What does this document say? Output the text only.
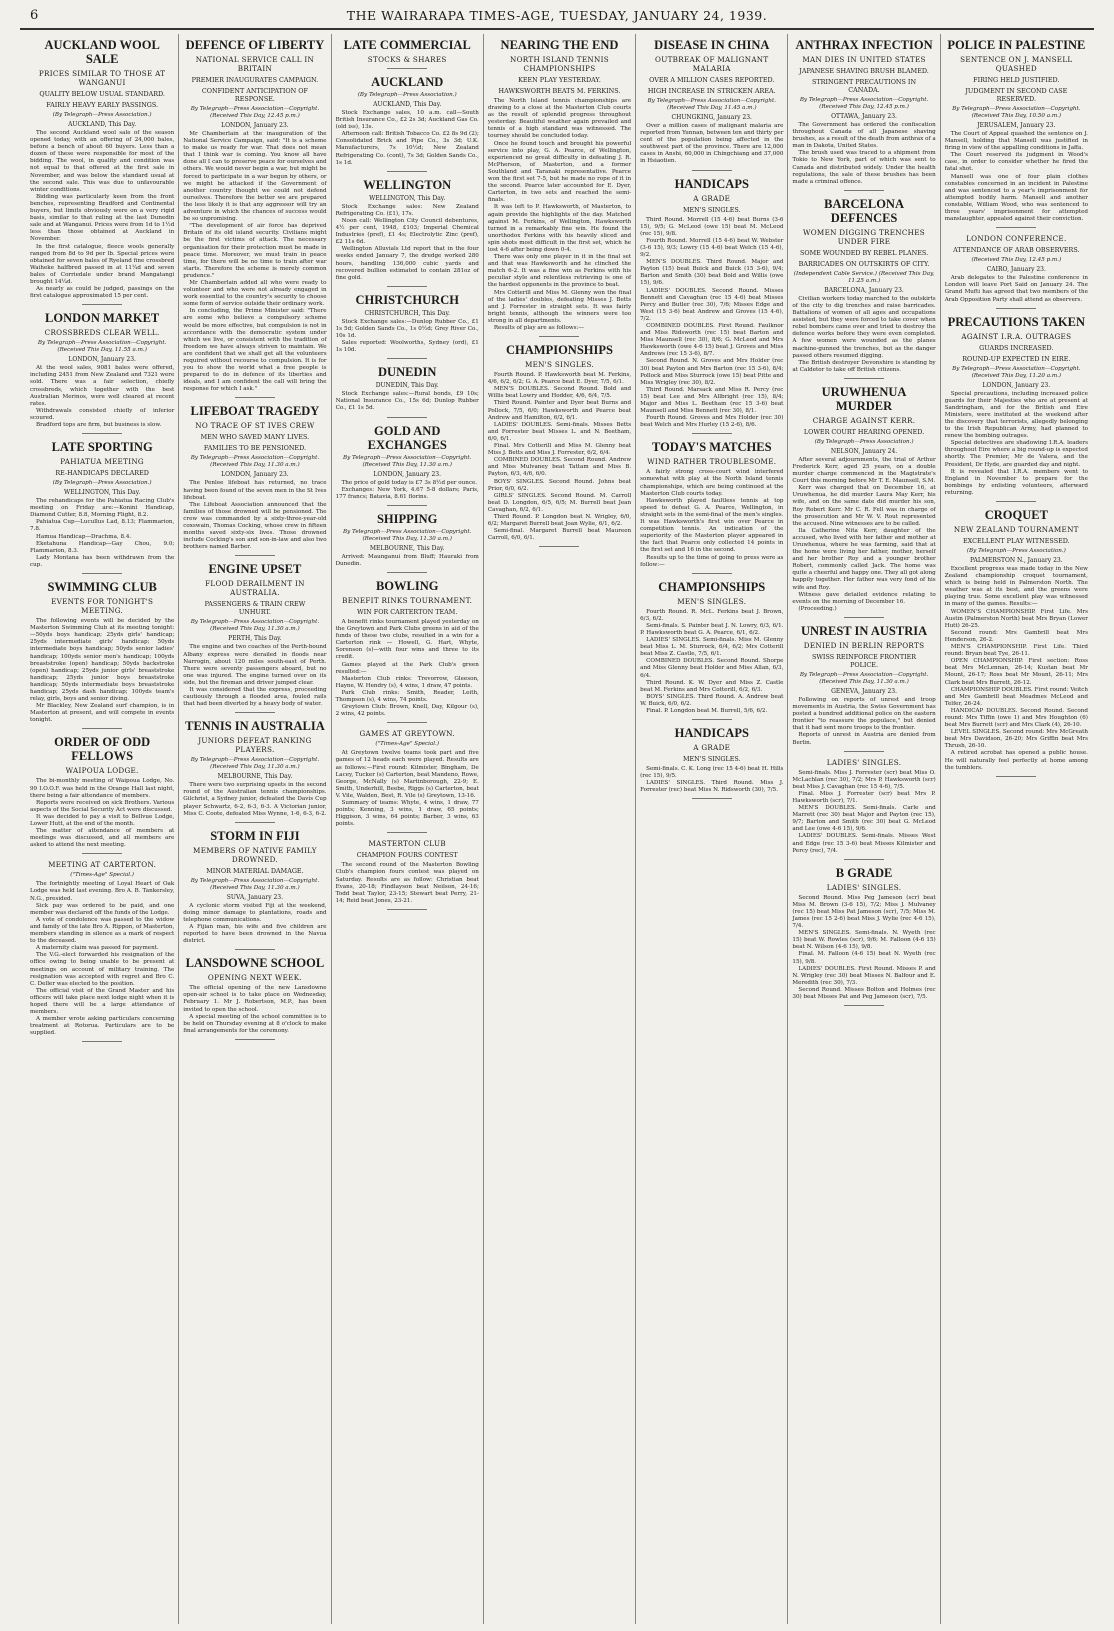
6	THE WAIRARAPA TIMES-AGE, TUESDAY, JANUARY 24, 1939.
AUCKLAND WOOL SALE
PRICES SIMILAR TO THOSE AT WANGANUI
QUALITY BELOW USUAL STANDARD.
FAIRLY HEAVY EARLY PASSINGS.
(By Telegraph—Press Association.)
AUCKLAND, This Day.

The second Auckland wool sale of the season opened today, with an offering of 24,000 bales, before a bench of about 60 buyers. Less than a dozen of these were responsible for most of the bidding. The wool, in quality and condition was not equal to that offered at the first sale in November, and was below the standard usual at the second sale. This was due to unfavourable winter conditions.

Bidding was particularly keen from the front benches, representing Bradford and Continental buyers, but limits obviously were on a very rigid basis, similar to that ruling at the last Dunedin sale and at Wanganui. Prices were from 1d to 1½d less than those obtained at Auckland in November.

In the first catalogue, fleece wools generally ranged from 8d to 9d per lb. Special prices were obtained for seven bales of Ryeland fine crossbred Waiheke halfbred passed in at 11¼d and seven bales of Corriedale under brand Mangatangi brought 14¼d.

As nearly as could be judged, passings on the first catalogue approximated 15 per cent.

LONDON MARKET
CROSSBREDS CLEAR WELL.
By Telegraph—Press Association—Copyright. (Received This Day, 11.55 a.m.)
LONDON, January 23.

At the wool sales, 9081 bales were offered, including 2451 from New Zealand and 7321 were sold. There was a fair selection, chiefly crossbreds, which together with the best Australian Merinos, were well cleared at recent rates.

Withdrawals consisted chiefly of inferior scoured.

Bradford tops are firm, but business is slow.

LATE SPORTING
PAHIATUA MEETING
RE-HANDICAPS DECLARED
(By Telegraph—Press Association.)
WELLINGTON, This Day.

The rehandicaps for the Pahiatua Racing Club's meeting on Friday are:—Konini Handicap, Diamond Cutter, 8.8, Morning Flight, 8.2.

Pahiatua Cup—Lucullus Lad, 8.13; Flammarion, 7.8.

Hamua Handicap—Drachma, 8.4.

Eketahuna Handicap—Gay Chou, 9.0; Flammarion, 8.3.

Lady Montana has been withdrawn from the cup.

SWIMMING CLUB
EVENTS FOR TONIGHT'S MEETING.

The following events will be decided by the Masterton Swimming Club at its meeting tonight:—50yds boys handicap; 25yds girls' handicap; 25yds intermediate girls' handicap; 50yds intermediate boys handicap; 50yds senior ladies' handicap; 100yds senior men's handicap; 100yds breaststroke (open) handicap; 50yds backstroke (open) handicap; 25yds junior girls' breaststroke handicap; 25yds junior boys breaststroke handicap; 50yds intermediate boys breaststroke handicap; 25yds dash handicap; 100yds team's relay, girls, boys and senior diving.

Mr Blackley, New Zealand surf champion, is in Masterton at present, and will compete in events tonight.

ORDER OF ODD FELLOWS
WAIPOUA LODGE.

The bi-monthly meeting of Waipoua Lodge, No. 99 I.O.O.F. was held in the Orange Hall last night, there being a fair attendance of members.

Reports were received on sick Brothers. Various aspects of the Social Security Act were discussed.

It was decided to pay a visit to Bellvue Lodge, Lower Hutt, at the end of the month.

The matter of attendance of members at meetings was discussed, and all members are asked to attend the next meeting.

MEETING AT CARTERTON.
("Times-Age" Special.)

The fortnightly meeting of Loyal Heart of Oak Lodge was held last evening. Bro A. B. Tankersley, N.G., presided.

Sick pay was ordered to be paid, and one member was declared off the funds of the Lodge.

A vote of condolence was passed to the widow and family of the late Bro A. Rippon, of Masterton, members standing in silence as a mark of respect to the deceased.

A maternity claim was passed for payment.

The V.G.-elect forwarded his resignation of the office owing to being unable to be present at meetings on account of military training. The resignation was accepted with regret and Bro C. C. Deller was elected to the position.

The official visit of the Grand Master and his officers will take place next lodge night when it is hoped there will be a large attendance of members.

A member wrote asking particulars concerning treatment at Rotorua. Particulars are to be supplied.

DEFENCE OF LIBERTY
NATIONAL SERVICE CALL IN BRITAIN
PREMIER INAUGURATES CAMPAIGN.
CONFIDENT ANTICIPATION OF RESPONSE.
By Telegraph—Press Association—Copyright. (Received This Day, 12.45 p.m.)
LONDON, January 23.

Mr Chamberlain at the inauguration of the National Service Campaign, said: "It is a scheme to make us ready for war. That does not mean that I think war is coming. You know all have done all I can to preserve peace for ourselves and others. We would never begin a war, but might be forced to participate in a war begun by others, or we might be attacked if the Government of another country thought we could not defend ourselves. Therefore the better we are prepared the less likely it is that any aggressor will try an adventure in which the chances of success would be so unpromising.

"The development of air force has deprived Britain of its old island security. Civilians might be the first victims of attack. The necessary organisation for their protection must be made in peace time. Moreover, we must train in peace time, for there will be no time to train after war starts. Therefore the scheme is merely common prudence."

Mr Chamberlain added all who were ready to volunteer and who were not already engaged in work essential to the country's security to choose some form of service outside their ordinary work.

In concluding, the Prime Minister said: "There are some who believe a compulsory scheme would be more effective, but compulsion is not in accordance with the democratic system under which we live, or consistent with the tradition of freedom we have always striven to maintain. We are confident that we shall get all the volunteers required without recourse to compulsion. It is for you to show the world what a free people is prepared to do in defence of its liberties and ideals, and I am confident the call will bring the response for which I ask."

LIFEBOAT TRAGEDY
NO TRACE OF ST IVES CREW
MEN WHO SAVED MANY LIVES.
FAMILIES TO BE PENSIONED.
By Telegraph—Press Association—Copyright. (Received This Day, 11.30 a.m.)
LONDON, January 23.

The Penlee lifeboat has returned, no trace having been found of the seven men in the St Ives lifeboat.

The Lifeboat Association announced that the families of those drowned will be pensioned. The crew was commanded by a sixty-three-year-old coxswain, Thomas Cocking, whose crew in fifteen months saved sixty-six lives. Those drowned include Cocking's son and son-in-law and also two brothers named Barber.

ENGINE UPSET
FLOOD DERAILMENT IN AUSTRALIA.
PASSENGERS & TRAIN CREW UNHURT.
By Telegraph—Press Association—Copyright. (Received This Day, 11.30 a.m.)
PERTH, This Day.

The engine and two coaches of the Perth-bound Albany express were derailed in floods near Narrogin, about 120 miles south-east of Perth. There were seventy passengers aboard, but no one was injured. The engine turned over on its side, but the fireman and driver jumped clear.

It was considered that the express, proceeding cautiously through a flooded area, fouled rails that had been diverted by a heavy body of water.

TENNIS IN AUSTRALIA
JUNIORS DEFEAT RANKING PLAYERS.
By Telegraph—Press Association—Copyright. (Received This Day, 11.30 a.m.)
MELBOURNE, This Day.

There were two surprising upsets in the second round of the Australian tennis championships. Gilchrist, a Sydney junior, defeated the Davis Cup player Schwartz, 6-2, 6-3, 6-3. A Victorian junior, Miss C. Coote, defeated Miss Wynne, 1-6, 6-3, 6-2.

STORM IN FIJI
MEMBERS OF NATIVE FAMILY DROWNED.
MINOR MATERIAL DAMAGE.
By Telegraph—Press Association—Copyright. (Received This Day, 11.30 a.m.)
SUVA, January 23.

A cyclonic storm visited Fiji at the weekend, doing minor damage to plantations, roads and telephone communications.

A Fijian man, his wife and five children are reported to have been drowned in the Navua district.

LANSDOWNE SCHOOL
OPENING NEXT WEEK.

The official opening of the new Lansdowne open-air school is to take place on Wednesday, February 1. Mr J. Robertson, M.P., has been invited to open the school.

A special meeting of the school committee is to be held on Thursday evening at 8 o'clock to make final arrangements for the ceremony.

LATE COMMERCIAL
STOCKS & SHARES
AUCKLAND
(By Telegraph—Press Association.)
AUCKLAND, This Day.

Stock Exchange sales, 10 a.m. call—South British Insurance Co., £2 2s 3d; Auckland Gas Co. (old iss), 13s.

Afternoon call: British Tobacco Co. £2 8s 9d (2); Consolidated Brick and Pipe Co., 3s 3d; U.K. Manufacturers, 7s 10½d; New Zealand Refrigerating Co. (cont), 7s 3d; Golden Sands Co., 1s 1d.

WELLINGTON
WELLINGTON, This Day.

Stock Exchange sales: New Zealand Refrigerating Co. (£1), 17s.

Noon call: Wellington City Council debentures, 4½ per cent, 1948, £103; Imperial Chemical Industries (pref), £1 4s; Electrolytic Zinc (pref), £2 11s 6d.

Wellington Alluvials Ltd report that in the four weeks ended January 7, the dredge worked 280 hours, handling 136,000 cubic yards and recovered bullion estimated to contain 281oz of fine gold.

CHRISTCHURCH
CHRISTCHURCH, This Day.

Stock Exchange sales:—Dunlop Rubber Co., £1 1s 5d; Golden Sands Co., 1s 0½d; Grey River Co., 10s 1d.

Sales reported: Woolworths, Sydney (ord), £1 1s 10d.

DUNEDIN
DUNEDIN, This Day.

Stock Exchange sales:—Rural bonds, £9 10s; National Insurance Co., 15s 6d; Dunlop Rubber Co., £1 1s 5d.

GOLD AND EXCHANGES
By Telegraph—Press Association—Copyright. (Received This Day, 11.30 a.m.)
LONDON, January 23.

The price of gold today is £7 3s 8½d per ounce.

Exchanges: New York, 4.67 5-8 dollars; Paris, 177 francs; Batavia, 8.61 florins.

SHIPPING
By Telegraph—Press Association—Copyright. (Received This Day, 11.30 a.m.)
MELBOURNE, This Day.

Arrived: Maunganui from Bluff; Hauraki from Dunedin.

BOWLING
BENEFIT RINKS TOURNAMENT.
WIN FOR CARTERTON TEAM.

A benefit rinks tournament played yesterday on the Greytown and Park Clubs greens in aid of the funds of these two clubs, resulted in a win for a Carterton rink — Howell, G. Hart, Whyte, Sorenson (s)—with four wins and three to its credit.

Games played at the Park Club's green resulted:—

Masterton Club rinks: Trevorrow, Gleeson, Hayne, W. Hendry (s), 4 wins, 1 draw, 47 points.

Park Club rinks: Smith, Reader, Leith, Thompson (s), 4 wins, 74 points.

Greytown Club: Brown, Knell, Day, Kilgour (s), 2 wins, 42 points.

GAMES AT GREYTOWN.
("Times-Age" Special.)

At Greytown twelve teams took part and five games of 12 heads each were played. Results are as follows:—First round: Kilmister, Bingham, De Lacey, Tucker (s) Carterton, beat Mandeno, Rowe, George, McNally (s) Martinborough, 22-9; E. Smith, Underhill, Beebe, Riggs (s) Carterton, beat V. Vile, Walden, Best, R. Vile (s) Greytown, 13-16.

Summary of teams: Whyte, 4 wins, 1 draw, 77 points; Kenning, 3 wins, 1 draw, 65 points; Higgison, 3 wins, 64 points; Barber, 3 wins, 63 points.

MASTERTON CLUB
CHAMPION FOURS CONTEST

The second round of the Masterton Bowling Club's champion fours contest was played on Saturday. Results are as follow: Christian beat Evans, 20-18; Findlayson beat Neilson, 24-16; Todd beat Taylor, 23-15; Stewart beat Perry, 21-14; Reid beat Jones, 23-21.

NEARING THE END
NORTH ISLAND TENNIS CHAMPIONSHIPS
KEEN PLAY YESTERDAY.
HAWKSWORTH BEATS M. FERKINS.

The North Island tennis championships are drawing to a close at the Masterton Club courts as the result of splendid progress throughout yesterday. Beautiful weather again prevailed and tennis of a high standard was witnessed. The tourney should be concluded today.

Once he found touch and brought his powerful service into play, G. A. Pearce, of Wellington, experienced no great difficulty in defeating J. R. McPherson, of Masterton, and a former Southland and Taranaki representative. Pearce won the first set 7-5, but he made no rope of it in the second. Pearce later accounted for E. Dyer, Carterton, in two sets and reached the semi-finals.

It was left to P. Hawksworth, of Masterton, to again provide the highlights of the day. Matched against M. Ferkins, of Wellington, Hawksworth turned in a remarkably fine win. He found the unorthodox Ferkins with his heavily sliced and spin shots most difficult in the first set, which he lost 4-6 after being down 0-4.

There was only one player in it in the final set and that was Hawksworth and he clinched the match 6-2. It was a fine win as Ferkins with his peculiar style and relentless retrieving is one of the hardest opponents in the province to beat.

Mrs Cotterill and Miss M. Glenny won the final of the ladies' doubles, defeating Misses J. Betts and J. Forrester in straight sets. It was fairly bright tennis, although the winners were too strong in all departments.

Results of play are as follows:—

CHAMPIONSHIPS
MEN'S SINGLES.

Fourth Round. P. Hawksworth beat M. Ferkins, 4/6, 6/2, 6/2; G. A. Pearce beat E. Dyer, 7/5, 6/1.

MEN'S DOUBLES. Second Round. Bold and Willis beat Lowry and Hodder, 4/6, 6/4, 7/5.

Third Round. Painter and Dyer beat Burns and Pollock, 7/5, 6/0; Hawksworth and Pearce beat Andrew and Hamilton, 6/2, 6/1.

LADIES' DOUBLES. Semi-finals. Misses Betts and Forrester beat Misses L. and N. Beetham, 6/0, 6/1.

Final. Mrs Cotterill and Miss M. Glenny beat Miss J. Betts and Miss J. Forrester, 6/2, 6/4.

COMBINED DOUBLES. Second Round. Andrew and Miss Mulvaney beat Tattam and Miss B. Payton, 6/3, 4/6, 6/0.

BOYS' SINGLES. Second Round. Johns beat Prior, 6/0, 6/2.

GIRLS' SINGLES. Second Round. M. Carroll beat D. Longdon, 6/5, 6/5; M. Burrell beat Jean Cavaghan, 6/2, 6/1.

Third Round. P. Longdon beat N. Wrigley, 6/0, 6/2; Margaret Burrell beat Joan Wylie, 6/1, 6/2.

Semi-final. Margaret Burrell beat Maureen Carroll, 6/0, 6/1.

DISEASE IN CHINA
OUTBREAK OF MALIGNANT MALARIA
OVER A MILLION CASES REPORTED.
HIGH INCREASE IN STRICKEN AREA.
By Telegraph—Press Association—Copyright. (Received This Day, 11.45 a.m.)
CHUNGKING, January 23.

Over a million cases of malignant malaria are reported from Yunnan, between ten and thirty per cent of the population being affected in the southwest part of the province. There are 12,000 cases in Anshi, 60,000 in Chingchiang and 37,000 in Hsiaotien.

HANDICAPS
A GRADE
MEN'S SINGLES.

Third Round. Morrell (15 4-6) beat Burns (3-6 15), 9/5; G. McLeod (owe 15) beat M. McLeod (rec 15), 9/8.

Fourth Round. Morrell (15 4-6) beat W. Webster (3-6 15), 9/3; Lowry (15 4-6) beat Welch (15 4-6), 9/2.

MEN'S DOUBLES. Third Round. Major and Payton (15) beat Buick and Buick (15 3-6), 9/4; Barton and Smith (30) beat Bold and Willis (owe 15), 9/6.

LADIES' DOUBLES. Second Round. Misses Bennett and Cavaghan (rec 15 4-6) beat Misses Percy and Butler (rec 30), 7/6; Misses Edge and West (15 3-6) beat Andrew and Groves (15 4-6), 7/2.

COMBINED DOUBLES. First Round. Faulknor and Miss Ridsworth (rec 15) beat Barton and Miss Maunsell (rec 30), 8/6; G. McLeod and Mrs Hawksworth (owe 4-6 15) beat J. Groves and Miss Andrews (rec 15 3-6), 8/7.

Second Round. N. Groves and Mrs Holder (rec 30) beat Payton and Mrs Barton (rec 15 3-6), 8/4; Pollock and Miss Sturrock (owe 15) beat Pitte and Miss Wrigley (rec 30), 8/2.

Third Round. Marsack and Miss R. Percy (rec 15) beat Lee and Mrs Allbright (rec 15), 8/4; Major and Miss L. Beetham (rec 15 3-6) beat Maunsell and Miss Bennett (rec 30), 8/1.

Fourth Round. Groves and Mrs Holder (rec 30) beat Welch and Mrs Hurley (15 2-6), 8/6.

TODAY'S MATCHES
WIND RATHER TROUBLESOME.

A fairly strong cross-court wind interfered somewhat with play at the North Island tennis championships, which are being continued at the Masterton Club courts today.

Hawksworth played faultless tennis at top speed to defeat G. A. Pearce, Wellington, in straight sets in the semi-final of the men's singles. It was Hawksworth's first win over Pearce in competition tennis. An indication of the superiority of the Masterton player appeared in the fact that Pearce only collected 14 points in the first set and 16 in the second.

Results up to the time of going to press were as follow:—

CHAMPIONSHIPS
MEN'S SINGLES.

Fourth Round. R. McL. Ferkins beat J. Brown, 6/3, 6/2.

Semi-finals. S. Painter beat J. N. Lowry, 6/3, 6/1. P. Hawksworth beat G. A. Pearce, 6/1, 6/2.

LADIES' SINGLES. Semi-finals. Miss M. Glenny beat Miss L. M. Sturrock, 6/4, 6/2; Mrs Cotterill beat Miss Z. Castle, 7/5, 6/1.

COMBINED DOUBLES. Second Round. Shorpe and Miss Glenny beat Holder and Miss Allan, 6/3, 6/4.

Third Round. K. W. Dyer and Miss Z. Castle beat M. Ferkins and Mrs Cotterill, 6/2, 6/3.

BOYS' SINGLES. Third Round. A. Andrew beat W. Buick, 6/0, 6/2.

Final. P. Longdon beat M. Burrell, 5/6, 6/2.

HANDICAPS
A GRADE
MEN'S SINGLES.

Semi-finals. C. K. Long (rec 15 4-6) beat H. Hills (rec 15), 9/5.

LADIES' SINGLES. Third Round. Miss J. Forrester (rec) beat Miss N. Ridsworth (30), 7/5.

ANTHRAX INFECTION
MAN DIES IN UNITED STATES
JAPANESE SHAVING BRUSH BLAMED.
STRINGENT PRECAUTIONS IN CANADA.
By Telegraph—Press Association—Copyright. (Received This Day, 12.45 p.m.)
OTTAWA, January 23.

The Government has ordered the confiscation throughout Canada of all Japanese shaving brushes, as a result of the death from anthrax of a man in Dakota, United States.

The brush used was traced to a shipment from Tokio to New York, part of which was sent to Canada and distributed widely. Under the health regulations, the sale of these brushes has been made a criminal offence.

BARCELONA DEFENCES
WOMEN DIGGING TRENCHES UNDER FIRE
SOME WOUNDED BY REBEL PLANES.
BARRICADES ON OUTSKIRTS OF CITY.
(Independent Cable Service.) (Received This Day, 11.25 a.m.)
BARCELONA, January 23.

Civilian workers today marched to the outskirts of the city to dig trenches and raise barricades. Battalions of women of all ages and occupations assisted, but they were forced to take cover when rebel bombers came over and tried to destroy the defence works before they were even completed. A few women were wounded as the planes machine-gunned the trenches, but as the danger passed others resumed digging.

The British destroyer Devonshire is standing by at Caldetor to take off British citizens.

URUWHENUA MURDER
CHARGE AGAINST KERR.
LOWER COURT HEARING OPENED.
(By Telegraph—Press Association.)
NELSON, January 24.

After several adjournments, the trial of Arthur Frederick Kerr, aged 25 years, on a double murder charge commenced in the Magistrate's Court this morning before Mr T. E. Maunsell, S.M.

Kerr was charged that on December 16, at Uruwhenua, he did murder Laura May Kerr, his wife, and on the same date did murder his son, Roy Robert Kerr. Mr C. R. Fell was in charge of the prosecution and Mr W. V. Rout represented the accused. Nine witnesses are to be called.

Ila Catherine Nita Kerr, daughter of the accused, who lived with her father and mother at Uruwhenua, where he was farming, said that at the home were living her father, mother, herself and her brother Roy and a younger brother Robert, commonly called Jack. The home was quite a cheerful and happy one. They all got along happily together. Her father was very fond of his wife and Roy.

Witness gave detailed evidence relating to events on the morning of December 16.

(Proceeding.)

UNREST IN AUSTRIA
DENIED IN BERLIN REPORTS
SWISS REINFORCE FRONTIER POLICE.
By Telegraph—Press Association—Copyright. (Received This Day, 11.30 a.m.)
GENEVA, January 23.

Following on reports of unrest and troop movements in Austria, the Swiss Government has posted a hundred additional police on the eastern frontier "to reassure the populace," but denied that it had sent more troops to the frontier.

Reports of unrest in Austria are denied from Berlin.

LADIES' SINGLES.

Semi-finals. Miss J. Forrester (scr) beat Miss O. McLachlan (rec 30), 7/2; Mrs P. Hawksworth (scr) beat Miss J. Cavaghan (rec 15 4-6), 7/5.

Final. Miss J. Forrester (scr) beat Mrs P. Hawksworth (scr), 7/1.

MEN'S DOUBLES. Semi-finals. Carle and Marrett (rec 30) beat Major and Payton (rec 15), 9/7; Barton and Smith (rec 30) beat G. McLeod and Lee (owe 4-6 15), 9/6.

LADIES' DOUBLES. Semi-finals. Misses West and Edge (rec 15 3-6) beat Misses Kilmister and Percy (rec), 7/4.

B GRADE
LADIES' SINGLES.

Second Round. Miss Peg Jameson (scr) beat Miss M. Brown (3-6 15), 7/2; Miss J. Mulvaney (rec 15) beat Miss Pat Jameson (scr), 7/5; Miss M. James (rec 15 2-6) beat Miss J. Wylie (rec 4-6 15), 7/4.

MEN'S SINGLES. Semi-finals. N. Wyeth (rec 15) beat W. Rowles (scr), 9/6; M. Falloon (4-6 15) beat N. Wilson (4-6 15), 9/8.

Final. M. Falloon (4-6 15) beat N. Wyeth (rec 15), 9/8.

LADIES' DOUBLES. First Round. Misses P. and N. Wrigley (rec 30) beat Misses N. Balfour and E. Meredith (rec 30), 7/3.

Second Round. Misses Bolton and Holmes (rec 30) beat Misses Pat and Peg Jameson (scr), 7/5.

POLICE IN PALESTINE
SENTENCE ON J. MANSELL QUASHED
FIRING HELD JUSTIFIED.
JUDGMENT IN SECOND CASE RESERVED.
By Telegraph—Press Association—Copyright. (Received This Day, 10.50 a.m.)
JERUSALEM, January 23.

The Court of Appeal quashed the sentence on J. Mansell, holding that Mansell was justified in firing in view of the appalling conditions in Jaffa.

The Court reserved its judgment in Wood's case, in order to consider whether he fired the fatal shot.

Mansell was one of four plain clothes constables concerned in an incident in Palestine and was sentenced to a year's imprisonment for attempted bodily harm. Mansell and another constable, William Wood, who was sentenced to three years' imprisonment for attempted manslaughter, appealed against their conviction.

LONDON CONFERENCE.
ATTENDANCE OF ARAB OBSERVERS.
(Received This Day, 12.45 p.m.)
CAIRO, January 23.

Arab delegates to the Palestine conference in London will leave Port Said on January 24. The Grand Mufti has agreed that two members of the Arab Opposition Party shall attend as observers.

PRECAUTIONS TAKEN
AGAINST I.R.A. OUTRAGES
GUARDS INCREASED.
ROUND-UP EXPECTED IN EIRE.
By Telegraph—Press Association—Copyright. (Received This Day, 11.20 a.m.)
LONDON, January 23.

Special precautions, including increased police guards for their Majesties who are at present at Sandringham, and for the British and Eire Ministers, were instituted at the weekend after the discovery that terrorists, allegedly belonging to the Irish Republican Army, had planned to renew the bombing outrages.

Special detectives are shadowing I.R.A. leaders throughout Eire where a big round-up is expected shortly. The Premier, Mr de Valera, and the President, Dr Hyde, are guarded day and night.

It is revealed that I.R.A. members went to England in November to prepare for the bombings by enlisting volunteers, afterward returning.

CROQUET
NEW ZEALAND TOURNAMENT
EXCELLENT PLAY WITNESSED.
(By Telegraph—Press Association.)
PALMERSTON N., January 23.

Excellent progress was made today in the New Zealand championship croquet tournament, which is being held in Palmerston North. The weather was at its best, and the greens were playing true. Some excellent play was witnessed in many of the games. Results:—

WOMEN'S CHAMPIONSHIP. First Life. Mrs Austin (Palmerston North) beat Mrs Bryan (Lower Hutt) 26-25.

Second round: Mrs Gambrill beat Mrs Henderson, 26-2.

MEN'S CHAMPIONSHIP. First Life. Third round: Bryan beat Tye, 26-11.

OPEN CHAMPIONSHIP. First section: Ross beat Mrs McLennan, 26-14; Kustan beat Mr Mount, 26-17; Ross beat Mr Mount, 26-11; Mrs Clark beat Mrs Burrett, 26-12.

CHAMPIONSHIP DOUBLES. First round: Veitch and Mrs Gambrill beat Meadmes McLeod and Telfer, 26-24.

HANDICAP DOUBLES. Second Round. Second round: Mrs Tiffin (owe 1) and Mrs Houghton (6) beat Mrs Burrett (scr) and Mrs Clark (4), 26-10.

LEVEL SINGLES. Second round: Mrs McGreath beat Mrs Davidson, 26-20; Mrs Griffin beat Mrs Thrush, 26-10.

A retired acrobat has opened a public house. He will naturally feel perfectly at home among the tumblers.
